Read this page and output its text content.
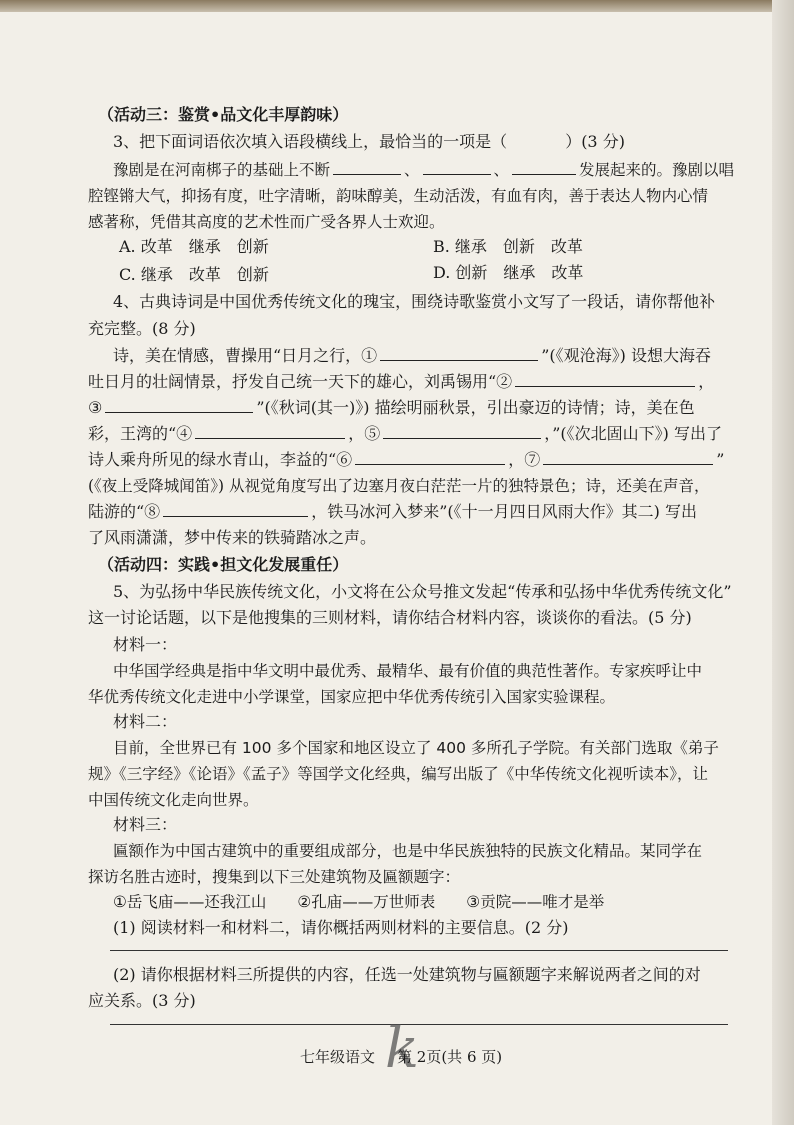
（活动三：鉴赏•品文化丰厚韵味）
3、把下面词语依次填入语段横线上，最恰当的一项是（	）(3 分)
豫剧是在河南梆子的基础上不断	、	、	发展起来的。豫剧以唱
腔铿锵大气，抑扬有度，吐字清晰，韵味醇美，生动活泼，有血有肉，善于表达人物内心情
感著称，凭借其高度的艺术性而广受各界人士欢迎。
A. 改革　继承　创新	B. 继承　创新　改革
C. 继承　改革　创新	D. 创新　继承　改革
4、古典诗词是中国优秀传统文化的瑰宝，围绕诗歌鉴赏小文写了一段话，请你帮他补
充完整。(8 分)
诗，美在情感，曹操用“日月之行，①	”(《观沧海》) 设想大海吞
吐日月的壮阔情景，抒发自己统一天下的雄心，刘禹锡用“②	，
③	”(《秋词(其一)》) 描绘明丽秋景，引出豪迈的诗情；诗，美在色
彩，王湾的“④	，⑤	，”(《次北固山下》) 写出了
诗人乘舟所见的绿水青山，李益的“⑥	，⑦	”
(《夜上受降城闻笛》) 从视觉角度写出了边塞月夜白茫茫一片的独特景色；诗，还美在声音，
陆游的“⑧	，铁马冰河入梦来”(《十一月四日风雨大作》其二) 写出
了风雨潇潇，梦中传来的铁骑踏冰之声。
（活动四：实践•担文化发展重任）
5、为弘扬中华民族传统文化，小文将在公众号推文发起“传承和弘扬中华优秀传统文化”
这一讨论话题，以下是他搜集的三则材料，请你结合材料内容，谈谈你的看法。(5 分)
材料一：
中华国学经典是指中华文明中最优秀、最精华、最有价值的典范性著作。专家疾呼让中
华优秀传统文化走进中小学课堂，国家应把中华优秀传统引入国家实验课程。
材料二：
目前，全世界已有 100 多个国家和地区设立了 400 多所孔子学院。有关部门选取《弟子
规》《三字经》《论语》《孟子》等国学文化经典，编写出版了《中华传统文化视听读本》，让
中国传统文化走向世界。
材料三：
匾额作为中国古建筑中的重要组成部分，也是中华民族独特的民族文化精品。某同学在
探访名胜古迹时，搜集到以下三处建筑物及匾额题字：
①岳飞庙——还我江山　　②孔庙——万世师表　　③贡院——唯才是举
(1) 阅读材料一和材料二，请你概括两则材料的主要信息。(2 分)
(2) 请你根据材料三所提供的内容，任选一处建筑物与匾额题字来解说两者之间的对
应关系。(3 分)
k
七年级语文 第 2页(共 6 页)
